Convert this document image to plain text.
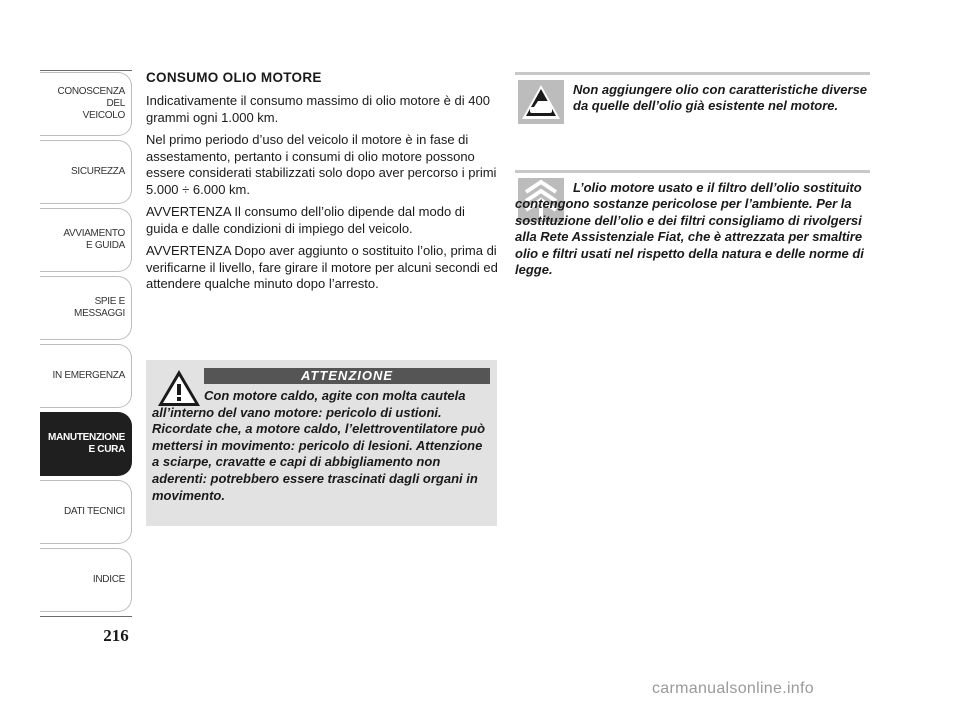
CONOSCENZA
DEL
VEICOLO
SICUREZZA
AVVIAMENTO
E GUIDA
SPIE E
MESSAGGI
IN EMERGENZA
MANUTENZIONE
E CURA
DATI TECNICI
INDICE
216
CONSUMO OLIO MOTORE

Indicativamente il consumo massimo di olio motore è di 400 grammi ogni 1.000 km.

Nel primo periodo d’uso del veicolo il motore è in fase di assestamento, pertanto i consumi di olio motore possono essere considerati stabilizzati solo dopo aver percorso i primi 5.000 ÷ 6.000 km.

AVVERTENZA Il consumo dell’olio dipende dal modo di guida e dalle condizioni di impiego del veicolo.

AVVERTENZA Dopo aver aggiunto o sostituito l’olio, prima di verificarne il livello, fare girare il motore per alcuni secondi ed attendere qualche minuto dopo l’arresto.

ATTENZIONE
Con motore caldo, agite con molta cautela all’interno del vano motore: pericolo di ustioni. Ricordate che, a motore caldo, l’elettroventilatore può mettersi in movimento: pericolo di lesioni. Attenzione a sciarpe, cravatte e capi di abbigliamento non aderenti: potrebbero essere trascinati dagli organi in movimento.
Non aggiungere olio con caratteristiche diverse da quelle dell’olio già esistente nel motore.
L’olio motore usato e il filtro dell’olio sostituito contengono sostanze pericolose per l’ambiente. Per la sostituzione dell’olio e dei filtri consigliamo di rivolgersi alla Rete Assistenziale Fiat, che è attrezzata per smaltire olio e filtri usati nel rispetto della natura e delle norme di legge.
carmanualsonline.info
